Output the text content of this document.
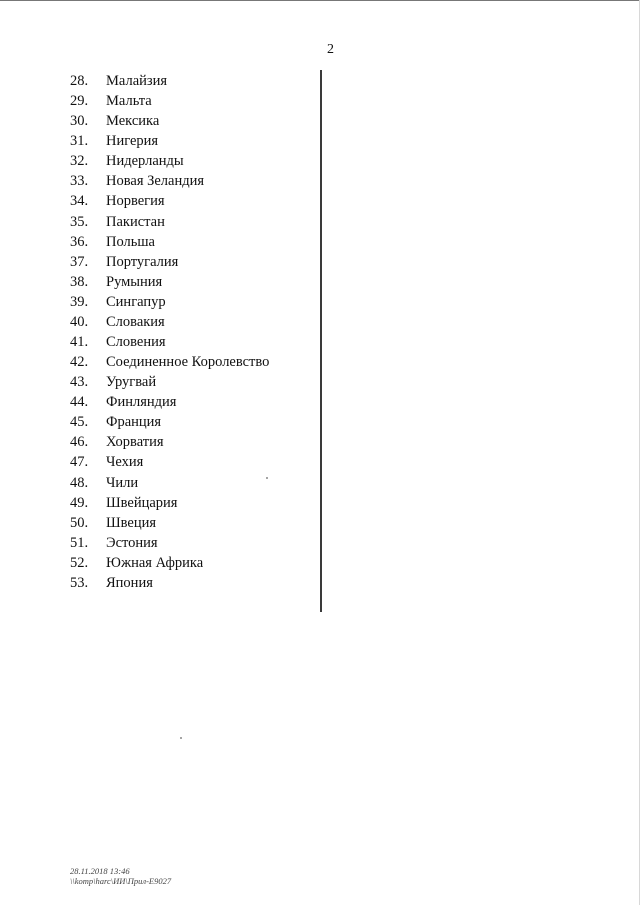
2
28. Малайзия
29. Мальта
30. Мексика
31. Нигерия
32. Нидерланды
33. Новая Зеландия
34. Норвегия
35. Пакистан
36. Польша
37. Португалия
38. Румыния
39. Сингапур
40. Словакия
41. Словения
42. Соединенное Королевство
43. Уругвай
44. Финляндия
45. Франция
46. Хорватия
47. Чехия
48. Чили
49. Швейцария
50. Швеция
51. Эстония
52. Южная Африка
53. Япония
28.11.2018 13:46
\\komp\harc\ИИ\Прил-Е9027
